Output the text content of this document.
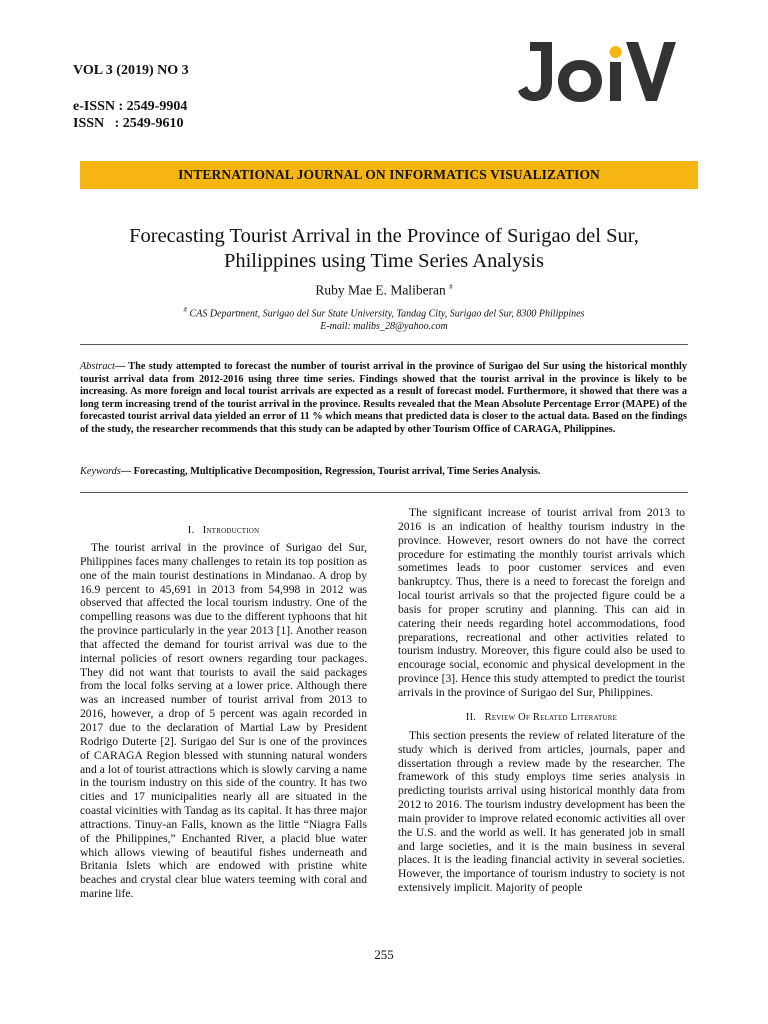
VOL 3 (2019) NO 3
e-ISSN : 2549-9904
ISSN   : 2549-9610
INTERNATIONAL JOURNAL ON INFORMATICS VISUALIZATION
Forecasting Tourist Arrival in the Province of Surigao del Sur,
Philippines using Time Series Analysis
Ruby Mae E. Maliberan #
# CAS Department, Surigao del Sur State University, Tandag City, Surigao del Sur, 8300 Philippines
E-mail: malibs_28@yahoo.com
Abstract— The study attempted to forecast the number of tourist arrival in the province of Surigao del Sur using the historical monthly tourist arrival data from 2012-2016 using three time series. Findings showed that the tourist arrival in the province is likely to be increasing. As more foreign and local tourist arrivals are expected as a result of forecast model. Furthermore, it showed that there was a long term increasing trend of the tourist arrival in the province. Results revealed that the Mean Absolute Percentage Error (MAPE) of the forecasted tourist arrival data yielded an error of 11 % which means that predicted data is closer to the actual data. Based on the findings of the study, the researcher recommends that this study can be adapted by other Tourism Office of CARAGA, Philippines.
Keywords— Forecasting, Multiplicative Decomposition, Regression, Tourist arrival, Time Series Analysis.
I. Introduction

The tourist arrival in the province of Surigao del Sur, Philippines faces many challenges to retain its top position as one of the main tourist destinations in Mindanao. A drop by 16.9 percent to 45,691 in 2013 from 54,998 in 2012 was observed that affected the local tourism industry. One of the compelling reasons was due to the different typhoons that hit the province particularly in the year 2013 [1]. Another reason that affected the demand for tourist arrival was due to the internal policies of resort owners regarding tour packages. They did not want that tourists to avail the said packages from the local folks serving at a lower price. Although there was an increased number of tourist arrival from 2013 to 2016, however, a drop of 5 percent was again recorded in 2017 due to the declaration of Martial Law by President Rodrigo Duterte [2]. Surigao del Sur is one of the provinces of CARAGA Region blessed with stunning natural wonders and a lot of tourist attractions which is slowly carving a name in the tourism industry on this side of the country. It has two cities and 17 municipalities nearly all are situated in the coastal vicinities with Tandag as its capital. It has three major attractions. Tinuy-an Falls, known as the little “Niagra Falls of the Philippines,” Enchanted River, a placid blue water which allows viewing of beautiful fishes underneath and Britania Islets which are endowed with pristine white beaches and crystal clear blue waters teeming with coral and marine life.

The significant increase of tourist arrival from 2013 to 2016 is an indication of healthy tourism industry in the province. However, resort owners do not have the correct procedure for estimating the monthly tourist arrivals which sometimes leads to poor customer services and even bankruptcy. Thus, there is a need to forecast the foreign and local tourist arrivals so that the projected figure could be a basis for proper scrutiny and planning. This can aid in catering their needs regarding hotel accommodations, food preparations, recreational and other activities related to tourism industry. Moreover, this figure could also be used to encourage social, economic and physical development in the province [3]. Hence this study attempted to predict the tourist arrivals in the province of Surigao del Sur, Philippines.

II. Review Of Related Literature

This section presents the review of related literature of the study which is derived from articles, journals, paper and dissertation through a review made by the researcher. The framework of this study employs time series analysis in predicting tourists arrival using historical monthly data from 2012 to 2016. The tourism industry development has been the main provider to improve related economic activities all over the U.S. and the world as well. It has generated job in small and large societies, and it is the main business in several places. It is the leading financial activity in several societies. However, the importance of tourism industry to society is not extensively implicit. Majority of people

255
